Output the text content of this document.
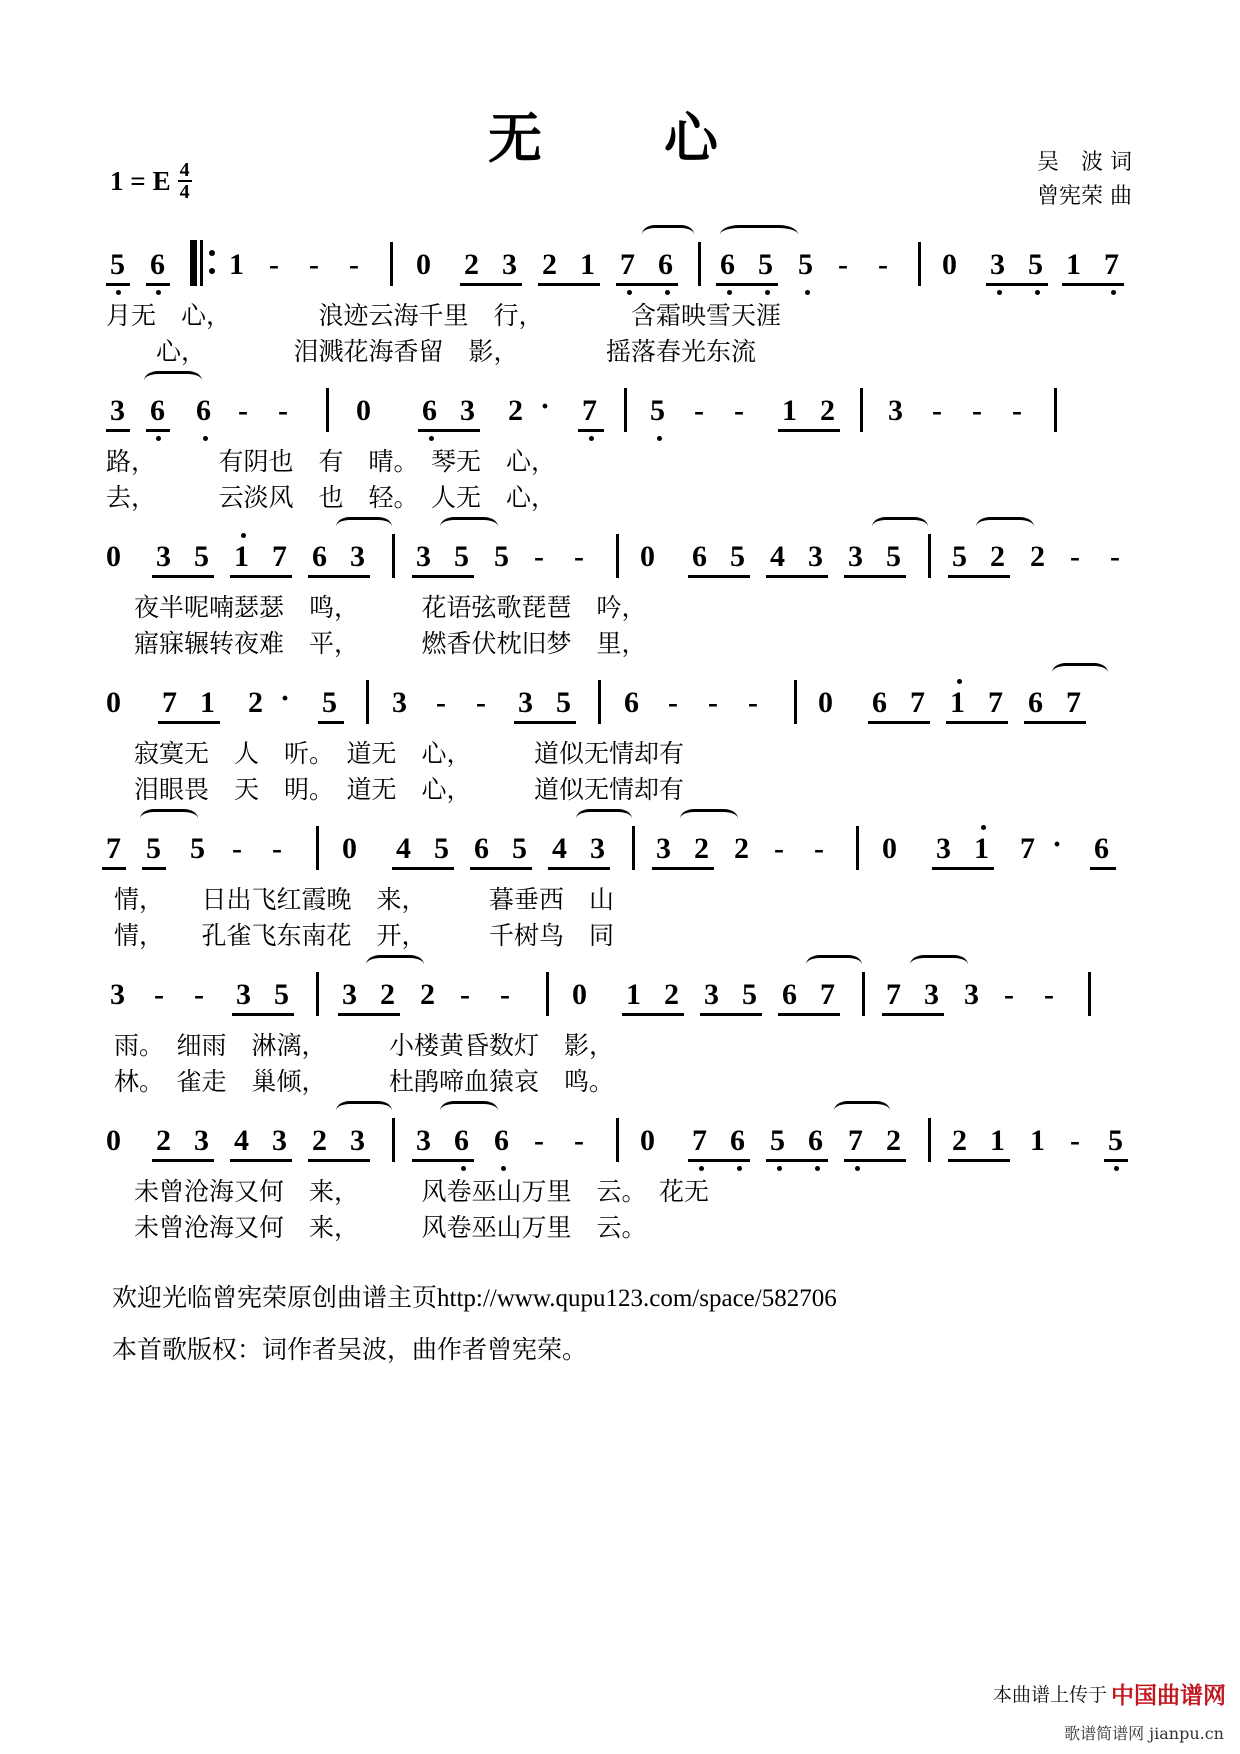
无　心
1 = E $\frac{4}{4}$	吴　波 词
曾宪荣 曲
5 6 1 - - - 0 2 3 2 1 7 6 6 5 5 - - 0 3 5 1 7

月无　心，　　　　浪迹云海千里　行，　　　　含霜映雪天涯

　　心，　　　　泪溅花海香留　影，　　　　摇落春光东流

3 6 6 - - 0 6 3 2 · 7 5 - - 1 2 3 - - -

路，　　　有阴也　有　晴。　琴无　心，

去，　　　云淡风　也　轻。　人无　心，

0 3 5 1 7 6 3 3 5 5 - - 0 6 5 4 3 3 5 5 2 2 - -

夜半呢喃瑟瑟　鸣，　　　花语弦歌琵琶　吟，

寤寐辗转夜难　平，　　　燃香伏枕旧梦　里，

0 7 1 2 · 5 3 - - 3 5 6 - - - 0 6 7 1 7 6 7

寂寞无　人　听。　道无　心，　　　道似无情却有

泪眼畏　天　明。　道无　心，　　　道似无情却有

7 5 5 - - 0 4 5 6 5 4 3 3 2 2 - - 0 3 1 7 · 6

情，　　日出飞红霞晚　来，　　　暮垂西　山

情，　　孔雀飞东南花　开，　　　千树鸟　同

3 - - 3 5 3 2 2 - - 0 1 2 3 5 6 7 7 3 3 - -

雨。　细雨　淋漓，　　　小楼黄昏数灯　影，

林。　雀走　巢倾，　　　杜鹃啼血猿哀　鸣。

0 2 3 4 3 2 3 3 6 6 - - 0 7 6 5 6 7 2 2 1 1 - 5

未曾沧海又何　来，　　　风卷巫山万里　云。　花无

未曾沧海又何　来，　　　风卷巫山万里　云。

欢迎光临曾宪荣原创曲谱主页http://www.qupu123.com/space/582706
本首歌版权：词作者吴波，曲作者曾宪荣。
本曲谱上传于 中国曲谱网
歌谱简谱网 jianpu.cn
